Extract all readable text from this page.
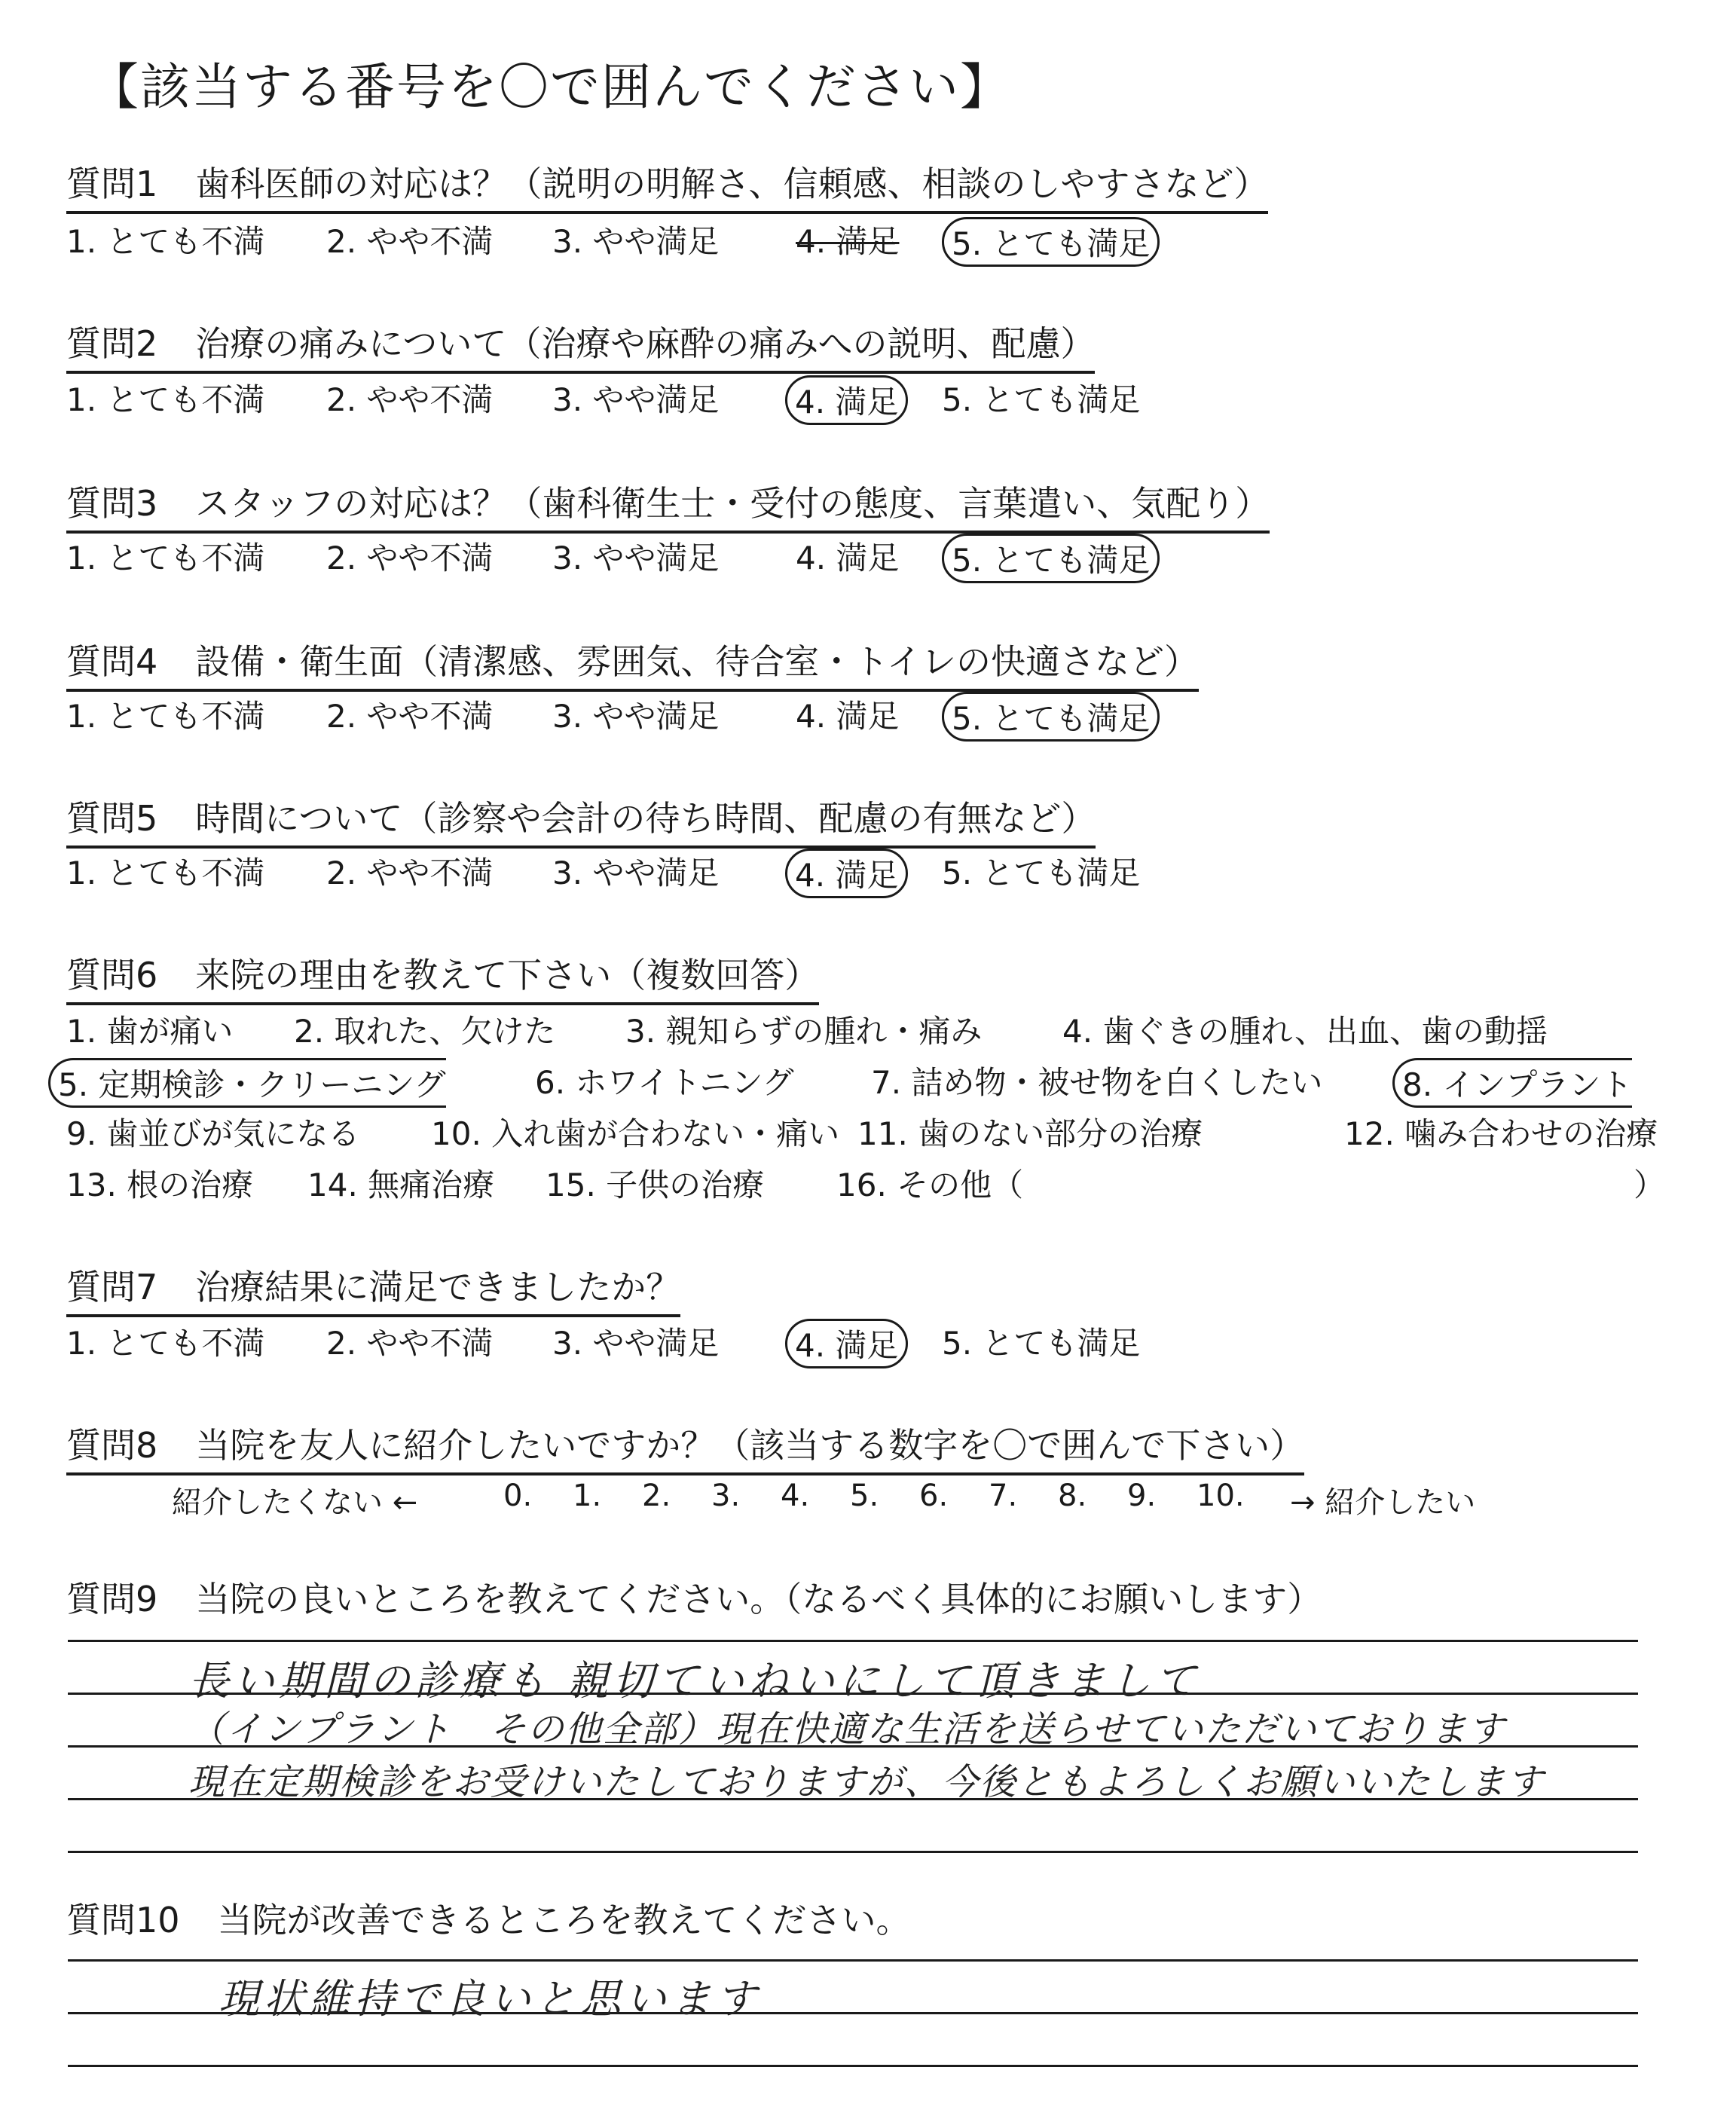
【該当する番号を〇で囲んでください】
質問1 歯科医師の対応は？（説明の明解さ、信頼感、相談のしやすさなど）
1. とても不満 2. やや不満 3. やや満足 4. 満足	5. とても満足
質問2 治療の痛みについて（治療や麻酔の痛みへの説明、配慮）
1. とても不満 2. やや不満 3. やや満足	4. 満足	5. とても満足
質問3 スタッフの対応は？（歯科衛生士・受付の態度、言葉遣い、気配り）
1. とても不満 2. やや不満 3. やや満足 4. 満足	5. とても満足
質問4 設備・衛生面（清潔感、雰囲気、待合室・トイレの快適さなど）
1. とても不満 2. やや不満 3. やや満足 4. 満足	5. とても満足
質問5 時間について（診察や会計の待ち時間、配慮の有無など）
1. とても不満 2. やや不満 3. やや満足	4. 満足	5. とても満足
質問6 来院の理由を教えて下さい（複数回答）
1. 歯が痛い 2. 取れた、欠けた 3. 親知らずの腫れ・痛み	4. 歯ぐきの腫れ、出血、歯の動揺
5. 定期検診・クリーニング	6. ホワイトニング 7. 詰め物・被せ物を白くしたい	8. インプラント
9. 歯並びが気になる 10. 入れ歯が合わない・痛い 11. 歯のない部分の治療	12. 噛み合わせの治療
13. 根の治療 14. 無痛治療 15. 子供の治療 16. その他（	）
質問7 治療結果に満足できましたか？
1. とても不満 2. やや不満 3. やや満足	4. 満足	5. とても満足
質問8 当院を友人に紹介したいですか？（該当する数字を〇で囲んで下さい）
紹介したくない ←	0. 1. 2. 3. 4. 5. 6. 7. 8. 9. 10. → 紹介したい
質問9 当院の良いところを教えてください。（なるべく具体的にお願いします）
長い期間の診療も 親切ていねいにして頂きまして
（インプラント　その他全部）現在快適な生活を送らせていただいております
現在定期検診をお受けいたしておりますが、今後ともよろしくお願いいたします
質問10 当院が改善できるところを教えてください。
現状維持で良いと思います
